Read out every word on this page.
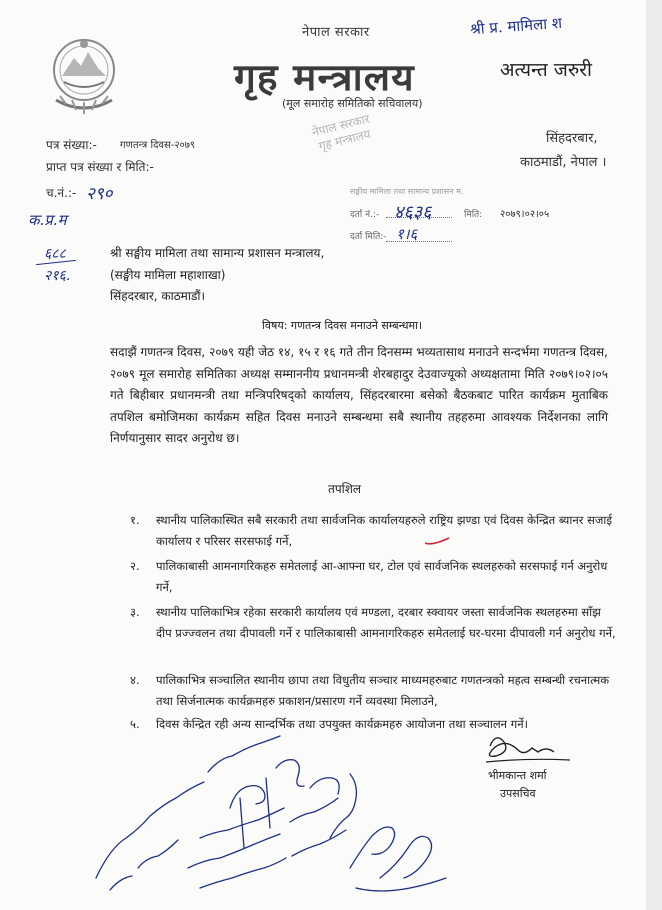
नेपाल सरकार
गृह मन्त्रालय
(मूल समारोह समितिको सचिवालय)
नेपाल सरकार
गृह मन्त्रालय
श्री प्र. मामिला श
अत्यन्त जरुरी
पत्र संख्या:- गणतन्त्र दिवस-२०७९
प्राप्त पत्र संख्या र मिति:-
च.नं.:- २९०
सिंहदरबार,
काठमाडौं, नेपाल ।
सङ्घीय मामिला तथा सामान्य प्रशासन म.
दर्ता नं.:- ४६३६	मिति: २०७९।०२।०५
दर्ता मिति:- १।६
क.प्र.म
६८८
२१६.
श्री सङ्घीय मामिला तथा सामान्य प्रशासन मन्त्रालय,
(सङ्घीय मामिला महाशाखा)
सिंहदरबार, काठमाडौं।
विषय: गणतन्त्र दिवस मनाउने सम्बन्धमा।
सदाझैं गणतन्त्र दिवस, २०७९ यही जेठ १४, १५ र १६ गते तीन दिनसम्म भव्यतासाथ मनाउने सन्दर्भमा गणतन्त्र दिवस, २०७९ मूल समारोह समितिका अध्यक्ष सम्माननीय प्रधानमन्त्री शेरबहादुर देउवाज्यूको अध्यक्षतामा मिति २०७९।०२।०५ गते बिहीबार प्रधानमन्त्री तथा मन्त्रिपरिषद्को कार्यालय, सिंहदरबारमा बसेको बैठकबाट पारित कार्यक्रम मुताबिक तपशिल बमोजिमका कार्यक्रम सहित दिवस मनाउने सम्बन्धमा सबै स्थानीय तहहरुमा आवश्यक निर्देशनका लागि निर्णयानुसार सादर अनुरोध छ।
तपशिल
१.	स्थानीय पालिकास्थित सबै सरकारी तथा सार्वजनिक कार्यालयहरुले राष्ट्रिय झण्डा एवं दिवस केन्द्रित ब्यानर सजाई कार्यालय र परिसर सरसफाई गर्ने,
२.	पालिकाबासी आमनागरिकहरु समेतलाई आ-आफ्ना घर, टोल एवं सार्वजनिक स्थलहरुको सरसफाई गर्न अनुरोध गर्ने,
३.	स्थानीय पालिकाभित्र रहेका सरकारी कार्यालय एवं मण्डला, दरबार स्क्वायर जस्ता सार्वजनिक स्थलहरुमा साँझ दीप प्रज्ज्वलन तथा दीपावली गर्ने र पालिकाबासी आमनागरिकहरु समेतलाई घर-घरमा दीपावली गर्न अनुरोध गर्ने,
४.	पालिकाभित्र सञ्चालित स्थानीय छापा तथा विधुतीय सञ्चार माध्यमहरुबाट गणतन्त्रको महत्व सम्बन्धी रचनात्मक तथा सिर्जनात्मक कार्यक्रमहरु प्रकाशन/प्रसारण गर्ने व्यवस्था मिलाउने,
५.	दिवस केन्द्रित रही अन्य सान्दर्भिक तथा उपयुक्त कार्यक्रमहरु आयोजना तथा सञ्चालन गर्ने।
भीमकान्त शर्मा
उपसचिव
